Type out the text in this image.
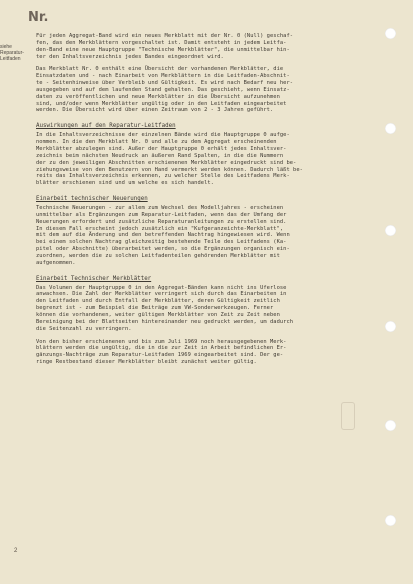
Nr.
siehe
Reparatur-
Leitfaden
Für jeden Aggregat-Band wird ein neues Merkblatt mit der Nr. 0 (Null) geschaf-
fen, das den Merkblättern vorgeschaltet ist. Damit entsteht in jedem Leitfa-
den-Band eine neue Hauptgruppe "Technische Merkblätter", die unmittelbar hin-
ter den Inhaltsverzeichnis jedes Bandes eingeordnet wird.
Das Merkblatt Nr. 0 enthält eine Übersicht der vorhandenen Merkblätter, die
Einsatzdaten und - nach Einarbeit von Merkblättern in die Leitfaden-Abschnit-
te - Seitenhinweise über Verbleib und Gültigkeit. Es wird nach Bedarf neu her-
ausgegeben und auf dem laufenden Stand gehalten. Das geschieht, wenn Einsatz-
daten zu veröffentlichen und neue Merkblätter in die Übersicht aufzunehmen
sind, und/oder wenn Merkblätter ungültig oder in den Leitfaden eingearbeitet
werden. Die Übersicht wird über einen Zeitraum von 2 - 3 Jahren geführt.
Auswirkungen auf den Reparatur-Leitfaden
In die Inhaltsverzeichnisse der einzelnen Bände wird die Hauptgruppe 0 aufge-
nommen. In die den Merkblatt Nr. 0 und alle zu dem Aggregat erscheinenden
Merkblätter abzulegen sind. Außer der Hauptgruppe 0 erhält jedes Inhaltsver-
zeichnis beim nächsten Neudruck an äußeren Rand Spalten, in die die Nummern
der zu den jeweiligen Abschnitten erschienenen Merkblätter eingedruckt sind be-
ziehungsweise von den Benutzern von Hand vermerkt werden können. Dadurch läßt be-
reits das Inhaltsverzeichnis erkennen, zu welcher Stelle des Leitfadens Merk-
blätter erschienen sind und um welche es sich handelt.
Einarbeit technischer Neuerungen
Technische Neuerungen - zur allem zum Wechsel des Modelljahres - erscheinen
unmittelbar als Ergänzungen zum Reparatur-Leitfaden, wenn das der Umfang der
Neuerungen erfordert und zusätzliche Reparaturanleitungen zu erstellen sind.
In diesem Fall erscheint jedoch zusätzlich ein "Kufgeranzeichte-Merkblatt",
mit dem auf die Änderung und den betreffenden Nachtrag hingewiesen wird. Wenn
bei einem solchen Nachtrag gleichzeitig bestehende Teile des Leitfadens (Ka-
pitel oder Abschnitte) überarbeitet werden, so die Ergänzungen organisch ein-
zuordnen, werden die zu solchen Leitfadenteilen gehörenden Merkblätter mit
aufgenommen.
Einarbeit Technischer Merkblätter
Das Volumen der Hauptgruppe 0 in den Aggregat-Bänden kann nicht ins Uferlose
anwachsen. Die Zahl der Merkblätter verringert sich durch das Einarbeiten in
den Leitfaden und durch Entfall der Merkblätter, deren Gültigkeit zeitlich
begrenzt ist - zum Beispiel die Beiträge zum VW-Sonderwerkzeugen. Ferner
können die vorhandenen, weiter gültigen Merkblätter von Zeit zu Zeit neben
Bereinigung bei der Blattseiten hintereinander neu gedruckt werden, um dadurch
die Seitenzahl zu verringern.
Von den bisher erschienenen und bis zum Juli 1969 noch herausgegebenen Merk-
blättern werden die ungültig, die in die zur Zeit in Arbeit befindlichen Er-
gänzungs-Nachträge zum Reparatur-Leitfaden 1969 eingearbeitet sind. Der ge-
ringe Restbestand dieser Merkblätter bleibt zunächst weiter gültig.
2
